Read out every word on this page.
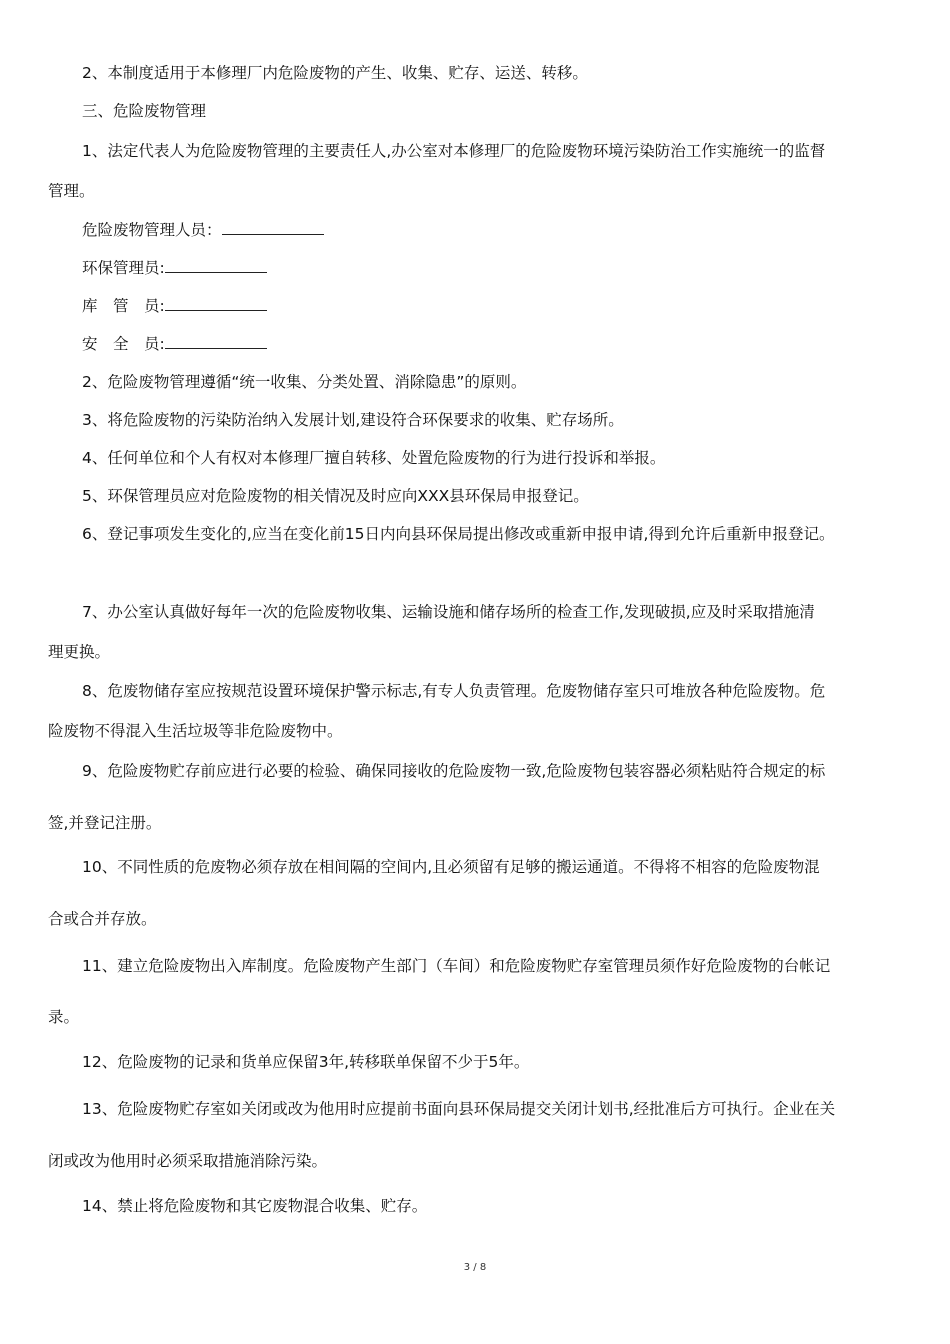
2、本制度适用于本修理厂内危险废物的产生、收集、贮存、运送、转移。
三、危险废物管理
1、法定代表人为危险废物管理的主要责任人,办公室对本修理厂的危险废物环境污染防治工作实施统一的监督
管理。
危险废物管理人员：
环保管理员:
库　管　员:
安　全　员:
2、危险废物管理遵循“统一收集、分类处置、消除隐患”的原则。
3、将危险废物的污染防治纳入发展计划,建设符合环保要求的收集、贮存场所。
4、任何单位和个人有权对本修理厂擅自转移、处置危险废物的行为进行投诉和举报。
5、环保管理员应对危险废物的相关情况及时应向XXX县环保局申报登记。
6、登记事项发生变化的,应当在变化前15日内向县环保局提出修改或重新申报申请,得到允许后重新申报登记。
7、办公室认真做好每年一次的危险废物收集、运输设施和储存场所的检查工作,发现破损,应及时采取措施清
理更换。
8、危废物储存室应按规范设置环境保护警示标志,有专人负责管理。危废物储存室只可堆放各种危险废物。危
险废物不得混入生活垃圾等非危险废物中。
9、危险废物贮存前应进行必要的检验、确保同接收的危险废物一致,危险废物包装容器必须粘贴符合规定的标
签,并登记注册。
10、不同性质的危废物必须存放在相间隔的空间内,且必须留有足够的搬运通道。不得将不相容的危险废物混
合或合并存放。
11、建立危险废物出入库制度。危险废物产生部门（车间）和危险废物贮存室管理员须作好危险废物的台帐记
录。
12、危险废物的记录和货单应保留3年,转移联单保留不少于5年。
13、危险废物贮存室如关闭或改为他用时应提前书面向县环保局提交关闭计划书,经批准后方可执行。企业在关
闭或改为他用时必须采取措施消除污染。
14、禁止将危险废物和其它废物混合收集、贮存。
3 / 8
